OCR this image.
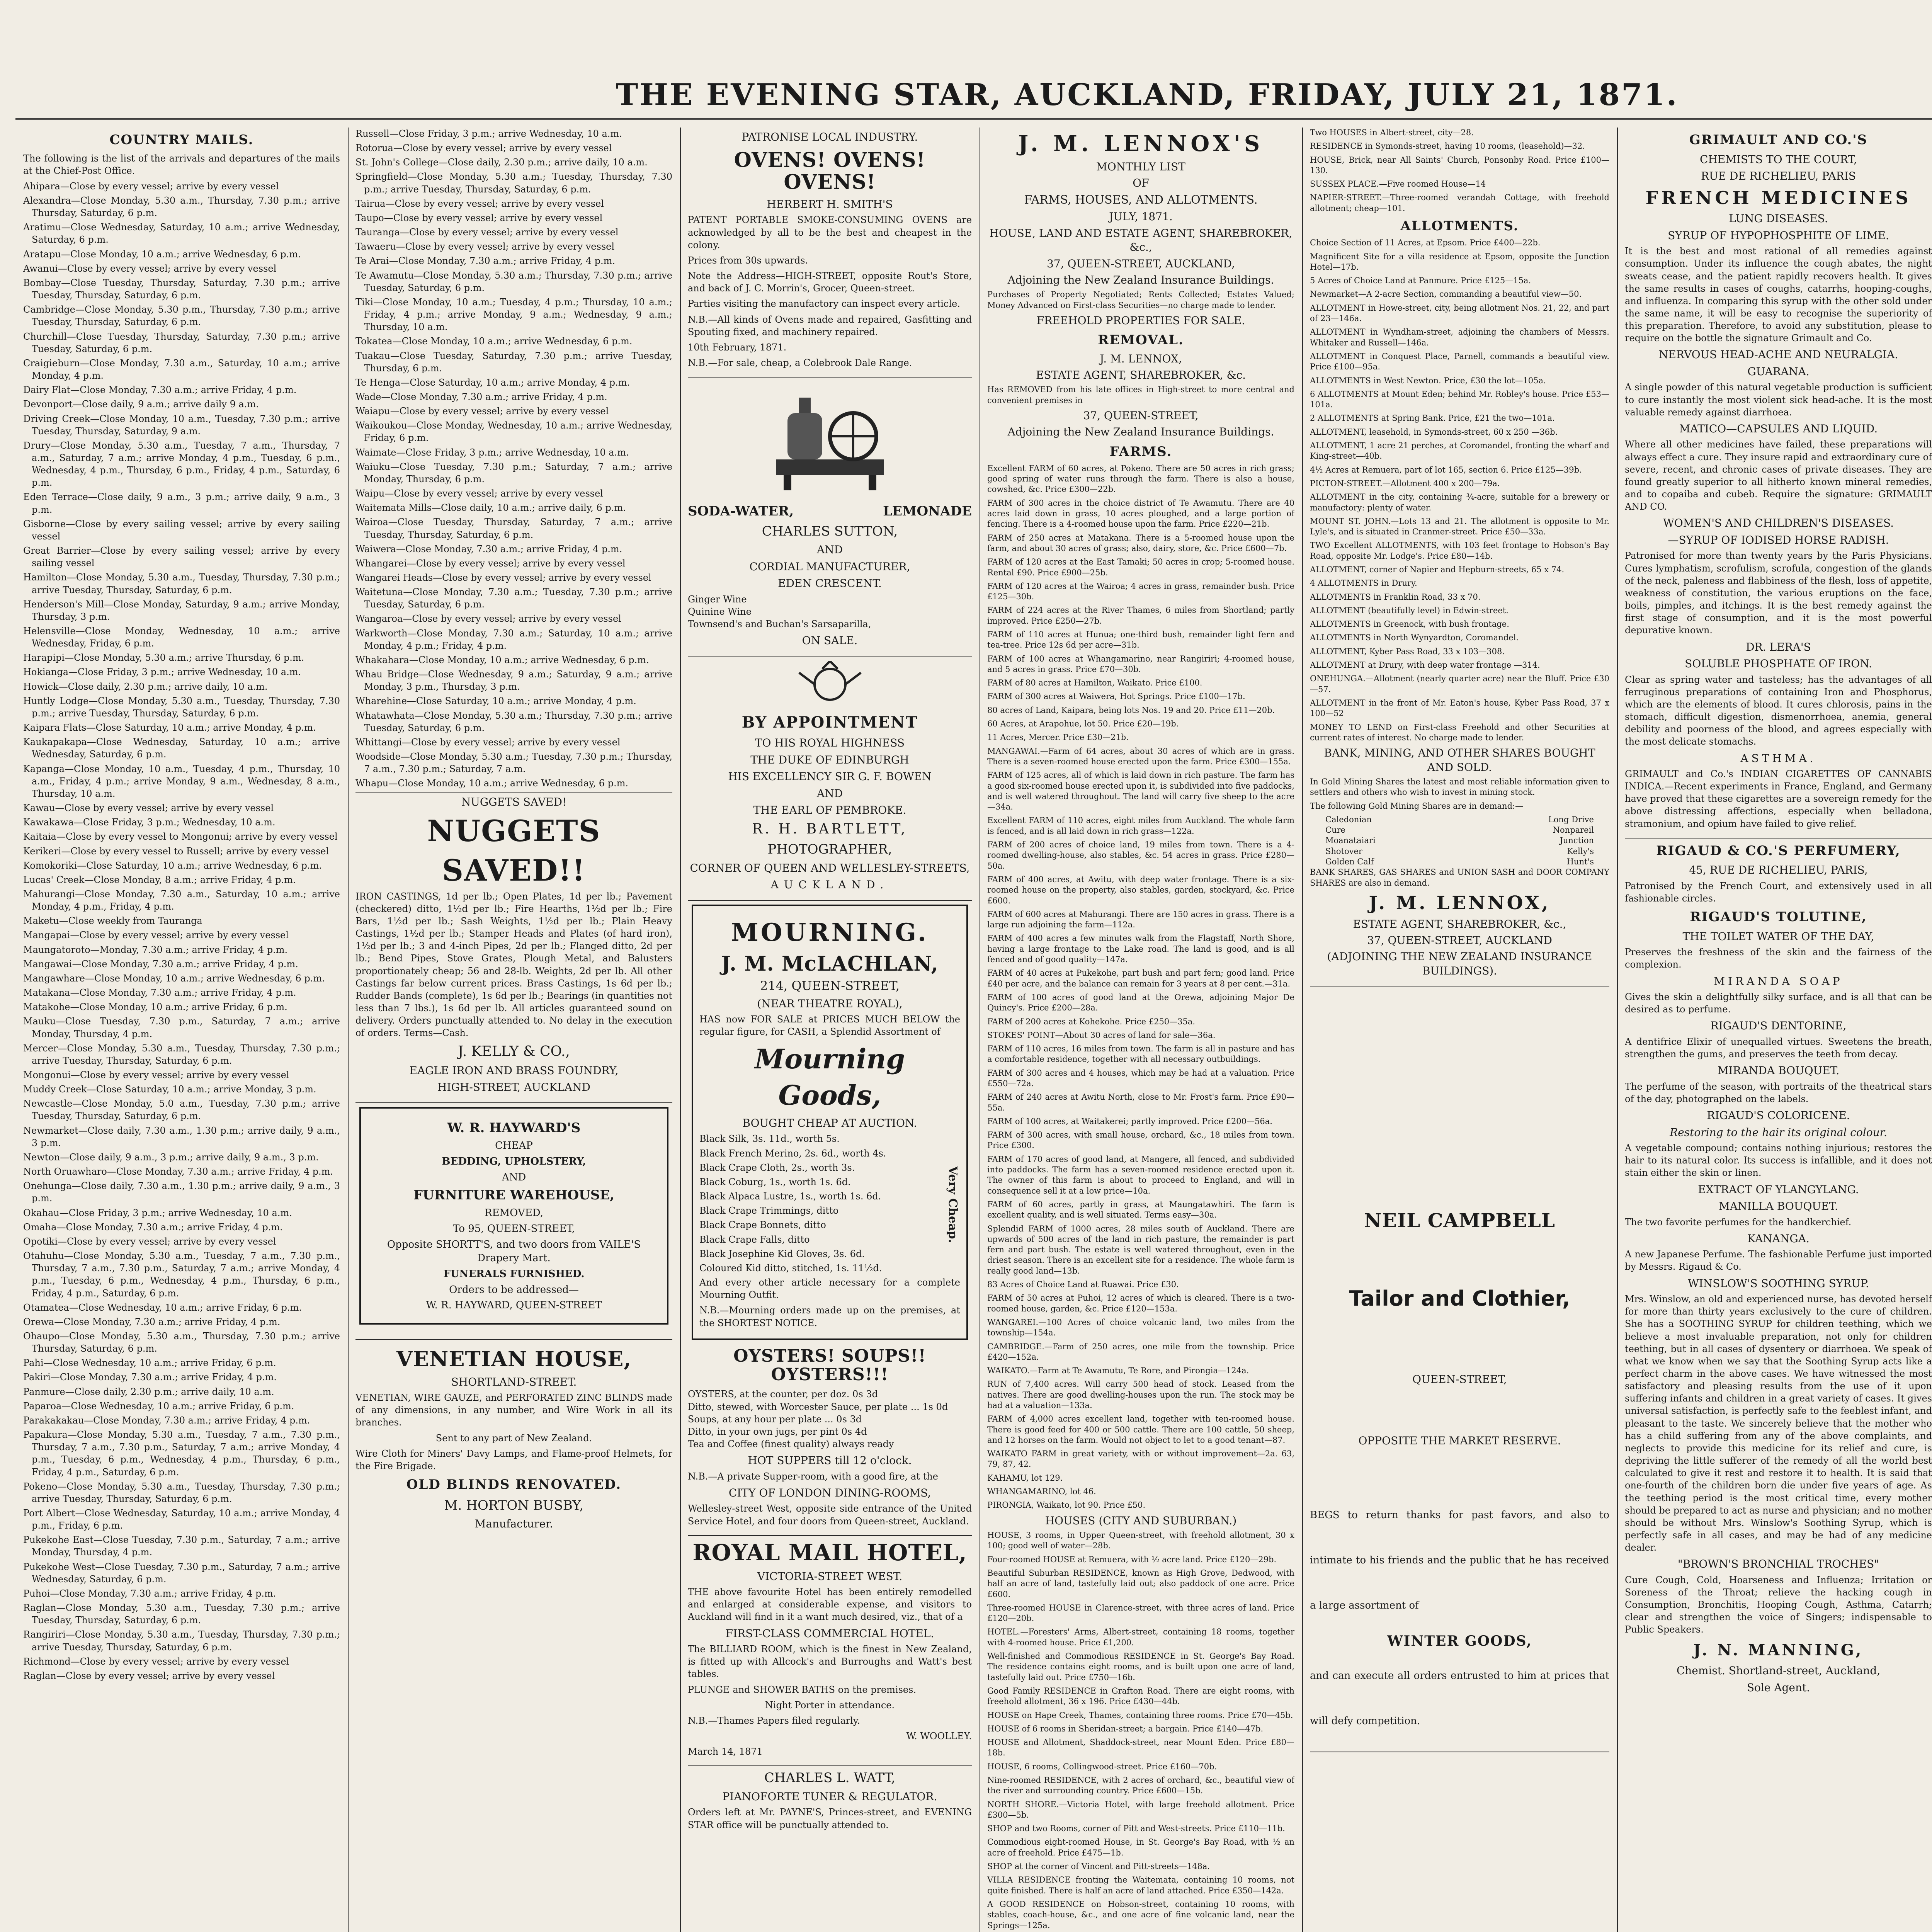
THE EVENING STAR, AUCKLAND, FRIDAY, JULY 21, 1871.
COUNTRY MAILS.

The following is the list of the arrivals and departures of the mails at the Chief-Post Office.

Ahipara—Close by every vessel; arrive by every vessel
Alexandra—Close Monday, 5.30 a.m., Thursday, 7.30 p.m.; arrive Thursday, Saturday, 6 p.m.
Aratimu—Close Wednesday, Saturday, 10 a.m.; arrive Wednesday, Saturday, 6 p.m.
Aratapu—Close Monday, 10 a.m.; arrive Wednesday, 6 p.m.
Awanui—Close by every vessel; arrive by every vessel
Bombay—Close Tuesday, Thursday, Saturday, 7.30 p.m.; arrive Tuesday, Thursday, Saturday, 6 p.m.
Cambridge—Close Monday, 5.30 p.m., Thursday, 7.30 p.m.; arrive Tuesday, Thursday, Saturday, 6 p.m.
Churchill—Close Tuesday, Thursday, Saturday, 7.30 p.m.; arrive Tuesday, Saturday, 6 p.m.
Craigieburn—Close Monday, 7.30 a.m., Saturday, 10 a.m.; arrive Monday, 4 p.m.
Dairy Flat—Close Monday, 7.30 a.m.; arrive Friday, 4 p.m.
Devonport—Close daily, 9 a.m.; arrive daily 9 a.m.
Driving Creek—Close Monday, 10 a.m., Tuesday, 7.30 p.m.; arrive Tuesday, Thursday, Saturday, 9 a.m.
Drury—Close Monday, 5.30 a.m., Tuesday, 7 a.m., Thursday, 7 a.m., Saturday, 7 a.m.; arrive Monday, 4 p.m., Tuesday, 6 p.m., Wednesday, 4 p.m., Thursday, 6 p.m., Friday, 4 p.m., Saturday, 6 p.m.
Eden Terrace—Close daily, 9 a.m., 3 p.m.; arrive daily, 9 a.m., 3 p.m.
Gisborne—Close by every sailing vessel; arrive by every sailing vessel
Great Barrier—Close by every sailing vessel; arrive by every sailing vessel
Hamilton—Close Monday, 5.30 a.m., Tuesday, Thursday, 7.30 p.m.; arrive Tuesday, Thursday, Saturday, 6 p.m.
Henderson's Mill—Close Monday, Saturday, 9 a.m.; arrive Monday, Thursday, 3 p.m.
Helensville—Close Monday, Wednesday, 10 a.m.; arrive Wednesday, Friday, 6 p.m.
Harapipi—Close Monday, 5.30 a.m.; arrive Thursday, 6 p.m.
Hokianga—Close Friday, 3 p.m.; arrive Wednesday, 10 a.m.
Howick—Close daily, 2.30 p.m.; arrive daily, 10 a.m.
Huntly Lodge—Close Monday, 5.30 a.m., Tuesday, Thursday, 7.30 p.m.; arrive Tuesday, Thursday, Saturday, 6 p.m.
Kaipara Flats—Close Saturday, 10 a.m.; arrive Monday, 4 p.m.
Kaukapakapa—Close Wednesday, Saturday, 10 a.m.; arrive Wednesday, Saturday, 6 p.m.
Kapanga—Close Monday, 10 a.m., Tuesday, 4 p.m., Thursday, 10 a.m., Friday, 4 p.m.; arrive Monday, 9 a.m., Wednesday, 8 a.m., Thursday, 10 a.m.
Kawau—Close by every vessel; arrive by every vessel
Kawakawa—Close Friday, 3 p.m.; Wednesday, 10 a.m.
Kaitaia—Close by every vessel to Mongonui; arrive by every vessel
Kerikeri—Close by every vessel to Russell; arrive by every vessel
Komokoriki—Close Saturday, 10 a.m.; arrive Wednesday, 6 p.m.
Lucas' Creek—Close Monday, 8 a.m.; arrive Friday, 4 p.m.
Mahurangi—Close Monday, 7.30 a.m., Saturday, 10 a.m.; arrive Monday, 4 p.m., Friday, 4 p.m.
Maketu—Close weekly from Tauranga
Mangapai—Close by every vessel; arrive by every vessel
Maungatoroto—Monday, 7.30 a.m.; arrive Friday, 4 p.m.
Mangawai—Close Monday, 7.30 a.m.; arrive Friday, 4 p.m.
Mangawhare—Close Monday, 10 a.m.; arrive Wednesday, 6 p.m.
Matakana—Close Monday, 7.30 a.m.; arrive Friday, 4 p.m.
Matakohe—Close Monday, 10 a.m.; arrive Friday, 6 p.m.
Mauku—Close Tuesday, 7.30 p.m., Saturday, 7 a.m.; arrive Monday, Thursday, 4 p.m.
Mercer—Close Monday, 5.30 a.m., Tuesday, Thursday, 7.30 p.m.; arrive Tuesday, Thursday, Saturday, 6 p.m.
Mongonui—Close by every vessel; arrive by every vessel
Muddy Creek—Close Saturday, 10 a.m.; arrive Monday, 3 p.m.
Newcastle—Close Monday, 5.0 a.m., Tuesday, 7.30 p.m.; arrive Tuesday, Thursday, Saturday, 6 p.m.
Newmarket—Close daily, 7.30 a.m., 1.30 p.m.; arrive daily, 9 a.m., 3 p.m.
Newton—Close daily, 9 a.m., 3 p.m.; arrive daily, 9 a.m., 3 p.m.
North Oruawharo—Close Monday, 7.30 a.m.; arrive Friday, 4 p.m.
Onehunga—Close daily, 7.30 a.m., 1.30 p.m.; arrive daily, 9 a.m., 3 p.m.
Okahau—Close Friday, 3 p.m.; arrive Wednesday, 10 a.m.
Omaha—Close Monday, 7.30 a.m.; arrive Friday, 4 p.m.
Opotiki—Close by every vessel; arrive by every vessel
Otahuhu—Close Monday, 5.30 a.m., Tuesday, 7 a.m., 7.30 p.m., Thursday, 7 a.m., 7.30 p.m., Saturday, 7 a.m.; arrive Monday, 4 p.m., Tuesday, 6 p.m., Wednesday, 4 p.m., Thursday, 6 p.m., Friday, 4 p.m., Saturday, 6 p.m.
Otamatea—Close Wednesday, 10 a.m.; arrive Friday, 6 p.m.
Orewa—Close Monday, 7.30 a.m.; arrive Friday, 4 p.m.
Ohaupo—Close Monday, 5.30 a.m., Thursday, 7.30 p.m.; arrive Thursday, Saturday, 6 p.m.
Pahi—Close Wednesday, 10 a.m.; arrive Friday, 6 p.m.
Pakiri—Close Monday, 7.30 a.m.; arrive Friday, 4 p.m.
Panmure—Close daily, 2.30 p.m.; arrive daily, 10 a.m.
Paparoa—Close Wednesday, 10 a.m.; arrive Friday, 6 p.m.
Parakakakau—Close Monday, 7.30 a.m.; arrive Friday, 4 p.m.
Papakura—Close Monday, 5.30 a.m., Tuesday, 7 a.m., 7.30 p.m., Thursday, 7 a.m., 7.30 p.m., Saturday, 7 a.m.; arrive Monday, 4 p.m., Tuesday, 6 p.m., Wednesday, 4 p.m., Thursday, 6 p.m., Friday, 4 p.m., Saturday, 6 p.m.
Pokeno—Close Monday, 5.30 a.m., Tuesday, Thursday, 7.30 p.m.; arrive Tuesday, Thursday, Saturday, 6 p.m.
Port Albert—Close Wednesday, Saturday, 10 a.m.; arrive Monday, 4 p.m., Friday, 6 p.m.
Pukekohe East—Close Tuesday, 7.30 p.m., Saturday, 7 a.m.; arrive Monday, Thursday, 4 p.m.
Pukekohe West—Close Tuesday, 7.30 p.m., Saturday, 7 a.m.; arrive Wednesday, Saturday, 6 p.m.
Puhoi—Close Monday, 7.30 a.m.; arrive Friday, 4 p.m.
Raglan—Close Monday, 5.30 a.m., Tuesday, 7.30 p.m.; arrive Tuesday, Thursday, Saturday, 6 p.m.
Rangiriri—Close Monday, 5.30 a.m., Tuesday, Thursday, 7.30 p.m.; arrive Tuesday, Thursday, Saturday, 6 p.m.
Richmond—Close by every vessel; arrive by every vessel
Raglan—Close by every vessel; arrive by every vessel
Russell—Close Friday, 3 p.m.; arrive Wednesday, 10 a.m.
Rotorua—Close by every vessel; arrive by every vessel
St. John's College—Close daily, 2.30 p.m.; arrive daily, 10 a.m.
Springfield—Close Monday, 5.30 a.m.; Tuesday, Thursday, 7.30 p.m.; arrive Tuesday, Thursday, Saturday, 6 p.m.
Tairua—Close by every vessel; arrive by every vessel
Taupo—Close by every vessel; arrive by every vessel
Tauranga—Close by every vessel; arrive by every vessel
Tawaeru—Close by every vessel; arrive by every vessel
Te Arai—Close Monday, 7.30 a.m.; arrive Friday, 4 p.m.
Te Awamutu—Close Monday, 5.30 a.m.; Thursday, 7.30 p.m.; arrive Tuesday, Saturday, 6 p.m.
Tiki—Close Monday, 10 a.m.; Tuesday, 4 p.m.; Thursday, 10 a.m.; Friday, 4 p.m.; arrive Monday, 9 a.m.; Wednesday, 9 a.m.; Thursday, 10 a.m.
Tokatea—Close Monday, 10 a.m.; arrive Wednesday, 6 p.m.
Tuakau—Close Tuesday, Saturday, 7.30 p.m.; arrive Tuesday, Thursday, 6 p.m.
Te Henga—Close Saturday, 10 a.m.; arrive Monday, 4 p.m.
Wade—Close Monday, 7.30 a.m.; arrive Friday, 4 p.m.
Waiapu—Close by every vessel; arrive by every vessel
Waikoukou—Close Monday, Wednesday, 10 a.m.; arrive Wednesday, Friday, 6 p.m.
Waimate—Close Friday, 3 p.m.; arrive Wednesday, 10 a.m.
Waiuku—Close Tuesday, 7.30 p.m.; Saturday, 7 a.m.; arrive Monday, Thursday, 6 p.m.
Waipu—Close by every vessel; arrive by every vessel
Waitemata Mills—Close daily, 10 a.m.; arrive daily, 6 p.m.
Wairoa—Close Tuesday, Thursday, Saturday, 7 a.m.; arrive Tuesday, Thursday, Saturday, 6 p.m.
Waiwera—Close Monday, 7.30 a.m.; arrive Friday, 4 p.m.
Whangarei—Close by every vessel; arrive by every vessel
Wangarei Heads—Close by every vessel; arrive by every vessel
Waitetuna—Close Monday, 7.30 a.m.; Tuesday, 7.30 p.m.; arrive Tuesday, Saturday, 6 p.m.
Wangaroa—Close by every vessel; arrive by every vessel
Warkworth—Close Monday, 7.30 a.m.; Saturday, 10 a.m.; arrive Monday, 4 p.m.; Friday, 4 p.m.
Whakahara—Close Monday, 10 a.m.; arrive Wednesday, 6 p.m.
Whau Bridge—Close Wednesday, 9 a.m.; Saturday, 9 a.m.; arrive Monday, 3 p.m., Thursday, 3 p.m.
Wharehine—Close Saturday, 10 a.m.; arrive Monday, 4 p.m.
Whatawhata—Close Monday, 5.30 a.m.; Thursday, 7.30 p.m.; arrive Tuesday, Saturday, 6 p.m.
Whittangi—Close by every vessel; arrive by every vessel
Woodside—Close Monday, 5.30 a.m.; Tuesday, 7.30 p.m.; Thursday, 7 a.m., 7.30 p.m.; Saturday, 7 a.m.
Whapu—Close Monday, 10 a.m.; arrive Wednesday, 6 p.m.
NUGGETS SAVED!
NUGGETS SAVED!!

IRON CASTINGS, 1d per lb.; Open Plates, 1d per lb.; Pavement (checkered) ditto, 1½d per lb.; Fire Hearths, 1½d per lb.; Fire Bars, 1½d per lb.; Sash Weights, 1½d per lb.; Plain Heavy Castings, 1½d per lb.; Stamper Heads and Plates (of hard iron), 1½d per lb.; 3 and 4-inch Pipes, 2d per lb.; Flanged ditto, 2d per lb.; Bend Pipes, Stove Grates, Plough Metal, and Balusters proportionately cheap; 56 and 28-lb. Weights, 2d per lb. All other Castings far below current prices. Brass Castings, 1s 6d per lb.; Rudder Bands (complete), 1s 6d per lb.; Bearings (in quantities not less than 7 lbs.), 1s 6d per lb. All articles guaranteed sound on delivery. Orders punctually attended to. No delay in the execution of orders. Terms—Cash.

J. KELLY & CO.,
EAGLE IRON AND BRASS FOUNDRY,
HIGH-STREET, AUCKLAND
W. R. HAYWARD'S
CHEAP
BEDDING, UPHOLSTERY,
AND
FURNITURE WAREHOUSE,
REMOVED,
To 95, QUEEN-STREET,
Opposite SHORTT'S, and two doors from VAILE'S Drapery Mart.
FUNERALS FURNISHED.
Orders to be addressed—
W. R. HAYWARD, QUEEN-STREET
VENETIAN HOUSE,
SHORTLAND-STREET.

VENETIAN, WIRE GAUZE, and PERFORATED ZINC BLINDS made of any dimensions, in any number, and Wire Work in all its branches.

Sent to any part of New Zealand.

Wire Cloth for Miners' Davy Lamps, and Flame-proof Helmets, for the Fire Brigade.

OLD BLINDS RENOVATED.
M. HORTON BUSBY,
Manufacturer.
PATRONISE LOCAL INDUSTRY.
OVENS! OVENS! OVENS!
HERBERT H. SMITH'S

PATENT PORTABLE SMOKE-CONSUMING OVENS are acknowledged by all to be the best and cheapest in the colony.

Prices from 30s upwards.

Note the Address—HIGH-STREET, opposite Rout's Store, and back of J. C. Morrin's, Grocer, Queen-street.

Parties visiting the manufactory can inspect every article.

N.B.—All kinds of Ovens made and repaired, Gasfitting and Spouting fixed, and machinery repaired.

10th February, 1871.

N.B.—For sale, cheap, a Colebrook Dale Range.

SODA-WATER,	LEMONADE
CHARLES SUTTON,
AND
CORDIAL MANUFACTURER,
EDEN CRESCENT.

Ginger Wine
Quinine Wine
Townsend's and Buchan's Sarsaparilla,

ON SALE.
BY APPOINTMENT
TO HIS ROYAL HIGHNESS
THE DUKE OF EDINBURGH
HIS EXCELLENCY SIR G. F. BOWEN
AND
THE EARL OF PEMBROKE.
R. H. BARTLETT,
PHOTOGRAPHER,
CORNER OF QUEEN AND WELLESLEY-STREETS,
AUCKLAND.
MOURNING.
J. M. McLACHLAN,
214, QUEEN-STREET,
(NEAR THEATRE ROYAL),

HAS now FOR SALE at PRICES MUCH BELOW the regular figure, for CASH, a Splendid Assortment of

Mourning Goods,
BOUGHT CHEAP AT AUCTION.
Black Silk, 3s. 11d., worth 5s.
Black French Merino, 2s. 6d., worth 4s.
Black Crape Cloth, 2s., worth 3s.
Black Coburg, 1s., worth 1s. 6d.
Black Alpaca Lustre, 1s., worth 1s. 6d.
Black Crape Trimmings, ditto
Black Crape Bonnets, ditto
Black Crape Falls, ditto
Black Josephine Kid Gloves, 3s. 6d.
Coloured Kid ditto, stitched, 1s. 11½d.
Very Cheap.

And every other article necessary for a complete Mourning Outfit.

N.B.—Mourning orders made up on the premises, at the SHORTEST NOTICE.

OYSTERS! SOUPS!! OYSTERS!!!

OYSTERS, at the counter, per doz. 0s 3d
Ditto, stewed, with Worcester Sauce, per plate ... 1s 0d
Soups, at any hour per plate ... 0s 3d
Ditto, in your own jugs, per pint 0s 4d
Tea and Coffee (finest quality) always ready

HOT SUPPERS till 12 o'clock.

N.B.—A private Supper-room, with a good fire, at the

CITY OF LONDON DINING-ROOMS,

Wellesley-street West, opposite side entrance of the United Service Hotel, and four doors from Queen-street, Auckland.

ROYAL MAIL HOTEL,
VICTORIA-STREET WEST.

THE above favourite Hotel has been entirely remodelled and enlarged at considerable expense, and visitors to Auckland will find in it a want much desired, viz., that of a

FIRST-CLASS COMMERCIAL HOTEL.

The BILLIARD ROOM, which is the finest in New Zealand, is fitted up with Allcock's and Burroughs and Watt's best tables.

PLUNGE and SHOWER BATHS on the premises.

Night Porter in attendance.

N.B.—Thames Papers filed regularly.

W. WOOLLEY.

March 14, 1871

CHARLES L. WATT,
PIANOFORTE TUNER & REGULATOR.

Orders left at Mr. PAYNE'S, Princes-street, and EVENING STAR office will be punctually attended to.

J. M. LENNOX'S
MONTHLY LIST
OF
FARMS, HOUSES, AND ALLOTMENTS.
JULY, 1871.
HOUSE, LAND AND ESTATE AGENT, SHAREBROKER, &c.,
37, QUEEN-STREET, AUCKLAND,
Adjoining the New Zealand Insurance Buildings.

Purchases of Property Negotiated; Rents Collected; Estates Valued; Money Advanced on First-class Securities—no charge made to lender.

FREEHOLD PROPERTIES FOR SALE.
REMOVAL.
J. M. LENNOX,
ESTATE AGENT, SHAREBROKER, &c.

Has REMOVED from his late offices in High-street to more central and convenient premises in

37, QUEEN-STREET,
Adjoining the New Zealand Insurance Buildings.
FARMS.

Excellent FARM of 60 acres, at Pokeno. There are 50 acres in rich grass; good spring of water runs through the farm. There is also a house, cowshed, &c. Price £300—22b.

FARM of 300 acres in the choice district of Te Awamutu. There are 40 acres laid down in grass, 10 acres ploughed, and a large portion of fencing. There is a 4-roomed house upon the farm. Price £220—21b.

FARM of 250 acres at Matakana. There is a 5-roomed house upon the farm, and about 30 acres of grass; also, dairy, store, &c. Price £600—7b.

FARM of 120 acres at the East Tamaki; 50 acres in crop; 5-roomed house. Rental £90. Price £900—25b.

FARM of 120 acres at the Wairoa; 4 acres in grass, remainder bush. Price £125—30b.

FARM of 224 acres at the River Thames, 6 miles from Shortland; partly improved. Price £250—27b.

FARM of 110 acres at Hunua; one-third bush, remainder light fern and tea-tree. Price 12s 6d per acre—31b.

FARM of 100 acres at Whangamarino, near Rangiriri; 4-roomed house, and 5 acres in grass. Price £70—30b.

FARM of 80 acres at Hamilton, Waikato. Price £100.

FARM of 300 acres at Waiwera, Hot Springs. Price £100—17b.

80 acres of Land, Kaipara, being lots Nos. 19 and 20. Price £11—20b.

60 Acres, at Arapohue, lot 50. Price £20—19b.

11 Acres, Mercer. Price £30—21b.

MANGAWAI.—Farm of 64 acres, about 30 acres of which are in grass. There is a seven-roomed house erected upon the farm. Price £300—155a.

FARM of 125 acres, all of which is laid down in rich pasture. The farm has a good six-roomed house erected upon it, is subdivided into five paddocks, and is well watered throughout. The land will carry five sheep to the acre—34a.

Excellent FARM of 110 acres, eight miles from Auckland. The whole farm is fenced, and is all laid down in rich grass—122a.

FARM of 200 acres of choice land, 19 miles from town. There is a 4-roomed dwelling-house, also stables, &c. 54 acres in grass. Price £280—50a.

FARM of 400 acres, at Awitu, with deep water frontage. There is a six-roomed house on the property, also stables, garden, stockyard, &c. Price £600.

FARM of 600 acres at Mahurangi. There are 150 acres in grass. There is a large run adjoining the farm—112a.

FARM of 400 acres a few minutes walk from the Flagstaff, North Shore, having a large frontage to the Lake road. The land is good, and is all fenced and of good quality—147a.

FARM of 40 acres at Pukekohe, part bush and part fern; good land. Price £40 per acre, and the balance can remain for 3 years at 8 per cent.—31a.

FARM of 100 acres of good land at the Orewa, adjoining Major De Quincy's. Price £200—28a.

FARM of 200 acres at Kohekohe. Price £250—35a.

STOKES' POINT—About 30 acres of land for sale—36a.

FARM of 110 acres, 16 miles from town. The farm is all in pasture and has a comfortable residence, together with all necessary outbuildings.

FARM of 300 acres and 4 houses, which may be had at a valuation. Price £550—72a.

FARM of 240 acres at Awitu North, close to Mr. Frost's farm. Price £90—55a.

FARM of 100 acres, at Waitakerei; partly improved. Price £200—56a.

FARM of 300 acres, with small house, orchard, &c., 18 miles from town. Price £300.

FARM of 170 acres of good land, at Mangere, all fenced, and subdivided into paddocks. The farm has a seven-roomed residence erected upon it. The owner of this farm is about to proceed to England, and will in consequence sell it at a low price—10a.

FARM of 60 acres, partly in grass, at Maungatawhiri. The farm is excellent quality, and is well situated. Terms easy—30a.

Splendid FARM of 1000 acres, 28 miles south of Auckland. There are upwards of 500 acres of the land in rich pasture, the remainder is part fern and part bush. The estate is well watered throughout, even in the driest season. There is an excellent site for a residence. The whole farm is really good land—13b.

83 Acres of Choice Land at Ruawai. Price £30.

FARM of 50 acres at Puhoi, 12 acres of which is cleared. There is a two-roomed house, garden, &c. Price £120—153a.

WANGAREI.—100 Acres of choice volcanic land, two miles from the township—154a.

CAMBRIDGE.—Farm of 250 acres, one mile from the township. Price £420—152a.

WAIKATO.—Farm at Te Awamutu, Te Rore, and Pirongia—124a.

RUN of 7,400 acres. Will carry 500 head of stock. Leased from the natives. There are good dwelling-houses upon the run. The stock may be had at a valuation—133a.

FARM of 4,000 acres excellent land, together with ten-roomed house. There is good feed for 400 or 500 cattle. There are 100 cattle, 50 sheep, and 12 horses on the farm. Would not object to let to a good tenant—87.

WAIKATO FARM in great variety, with or without improvement—2a. 63, 79, 87, 42.

KAHAMU, lot 129.

WHANGAMARINO, lot 46.

PIRONGIA, Waikato, lot 90. Price £50.

HOUSES (CITY AND SUBURBAN.)

HOUSE, 3 rooms, in Upper Queen-street, with freehold allotment, 30 x 100; good well of water—28b.

Four-roomed HOUSE at Remuera, with ½ acre land. Price £120—29b.

Beautiful Suburban RESIDENCE, known as High Grove, Dedwood, with half an acre of land, tastefully laid out; also paddock of one acre. Price £600.

Three-roomed HOUSE in Clarence-street, with three acres of land. Price £120—20b.

HOTEL.—Foresters' Arms, Albert-street, containing 18 rooms, together with 4-roomed house. Price £1,200.

Well-finished and Commodious RESIDENCE in St. George's Bay Road. The residence contains eight rooms, and is built upon one acre of land, tastefully laid out. Price £750—16b.

Good Family RESIDENCE in Grafton Road. There are eight rooms, with freehold allotment, 36 x 196. Price £430—44b.

HOUSE on Hape Creek, Thames, containing three rooms. Price £70—45b.

HOUSE of 6 rooms in Sheridan-street; a bargain. Price £140—47b.

HOUSE and Allotment, Shaddock-street, near Mount Eden. Price £80—18b.

HOUSE, 6 rooms, Collingwood-street. Price £160—70b.

Nine-roomed RESIDENCE, with 2 acres of orchard, &c., beautiful view of the river and surrounding country. Price £600—15b.

NORTH SHORE.—Victoria Hotel, with large freehold allotment. Price £300—5b.

SHOP and two Rooms, corner of Pitt and West-streets. Price £110—11b.

Commodious eight-roomed House, in St. George's Bay Road, with ½ an acre of freehold. Price £475—1b.

SHOP at the corner of Vincent and Pitt-streets—148a.

VILLA RESIDENCE fronting the Waitemata, containing 10 rooms, not quite finished. There is half an acre of land attached. Price £350—142a.

A GOOD RESIDENCE on Hobson-street, containing 10 rooms, with stables, coach-house, &c., and one acre of fine volcanic land, near the Springs—125a.

Two HOUSES in Albert-street, city—28.

RESIDENCE in Symonds-street, having 10 rooms, (leasehold)—32.

HOUSE, Brick, near All Saints' Church, Ponsonby Road. Price £100—130.

SUSSEX PLACE.—Five roomed House—14

NAPIER-STREET.—Three-roomed verandah Cottage, with freehold allotment; cheap—101.

ALLOTMENTS.

Choice Section of 11 Acres, at Epsom. Price £400—22b.

Magnificent Site for a villa residence at Epsom, opposite the Junction Hotel—17b.

5 Acres of Choice Land at Panmure. Price £125—15a.

Newmarket—A 2-acre Section, commanding a beautiful view—50.

ALLOTMENT in Howe-street, city, being allotment Nos. 21, 22, and part of 23—146a.

ALLOTMENT in Wyndham-street, adjoining the chambers of Messrs. Whitaker and Russell—146a.

ALLOTMENT in Conquest Place, Parnell, commands a beautiful view. Price £100—95a.

ALLOTMENTS in West Newton. Price, £30 the lot—105a.

6 ALLOTMENTS at Mount Eden; behind Mr. Robley's house. Price £53—101a.

2 ALLOTMENTS at Spring Bank. Price, £21 the two—101a.

ALLOTMENT, leasehold, in Symonds-street, 60 x 250 —36b.

ALLOTMENT, 1 acre 21 perches, at Coromandel, fronting the wharf and King-street—40b.

4½ Acres at Remuera, part of lot 165, section 6. Price £125—39b.

PICTON-STREET.—Allotment 400 x 200—79a.

ALLOTMENT in the city, containing ¾-acre, suitable for a brewery or manufactory: plenty of water.

MOUNT ST. JOHN.—Lots 13 and 21. The allotment is opposite to Mr. Lyle's, and is situated in Cranmer-street. Price £50—33a.

TWO Excellent ALLOTMENTS, with 103 feet frontage to Hobson's Bay Road, opposite Mr. Lodge's. Price £80—14b.

ALLOTMENT, corner of Napier and Hepburn-streets, 65 x 74.

4 ALLOTMENTS in Drury.

ALLOTMENTS in Franklin Road, 33 x 70.

ALLOTMENT (beautifully level) in Edwin-street.

ALLOTMENTS in Greenock, with bush frontage.

ALLOTMENTS in North Wynyardton, Coromandel.

ALLOTMENT, Kyber Pass Road, 33 x 103—308.

ALLOTMENT at Drury, with deep water frontage —314.

ONEHUNGA.—Allotment (nearly quarter acre) near the Bluff. Price £30—57.

ALLOTMENT in the front of Mr. Eaton's house, Kyber Pass Road, 37 x 100—52

MONEY TO LEND on First-class Freehold and other Securities at current rates of interest. No charge made to lender.

BANK, MINING, AND OTHER SHARES BOUGHT AND SOLD.

In Gold Mining Shares the latest and most reliable information given to settlers and others who wish to invest in mining stock.

The following Gold Mining Shares are in demand:—

Caledonian	Long Drive
Cure	Nonpareil
Moanataiari	Junction
Shotover	Kelly's
Golden Calf	Hunt's

BANK SHARES, GAS SHARES and UNION SASH and DOOR COMPANY SHARES are also in demand.

J. M. LENNOX,
ESTATE AGENT, SHAREBROKER, &c.,
37, QUEEN-STREET, AUCKLAND
(ADJOINING THE NEW ZEALAND INSURANCE BUILDINGS).
NEIL CAMPBELL
Tailor and Clothier,
QUEEN-STREET,
OPPOSITE THE MARKET RESERVE.

BEGS to return thanks for past favors, and also to intimate to his friends and the public that he has received a large assortment of

WINTER GOODS,

and can execute all orders entrusted to him at prices that will defy competition.

GRIMAULT AND CO.'S
CHEMISTS TO THE COURT,
RUE DE RICHELIEU, PARIS
FRENCH MEDICINES
LUNG DISEASES.
SYRUP OF HYPOPHOSPHITE OF LIME.

It is the best and most rational of all remedies against consumption. Under its influence the cough abates, the night sweats cease, and the patient rapidly recovers health. It gives the same results in cases of coughs, catarrhs, hooping-coughs, and influenza. In comparing this syrup with the other sold under the same name, it will be easy to recognise the superiority of this preparation. Therefore, to avoid any substitution, please to require on the bottle the signature Grimault and Co.

NERVOUS HEAD-ACHE AND NEURALGIA.
GUARANA.

A single powder of this natural vegetable production is sufficient to cure instantly the most violent sick head-ache. It is the most valuable remedy against diarrhoea.

MATICO—CAPSULES AND LIQUID.

Where all other medicines have failed, these preparations will always effect a cure. They insure rapid and extraordinary cure of severe, recent, and chronic cases of private diseases. They are found greatly superior to all hitherto known mineral remedies, and to copaiba and cubeb. Require the signature: GRIMAULT AND CO.

WOMEN'S AND CHILDREN'S DISEASES.
—SYRUP OF IODISED HORSE RADISH.

Patronised for more than twenty years by the Paris Physicians. Cures lymphatism, scrofulism, scrofula, congestion of the glands of the neck, paleness and flabbiness of the flesh, loss of appetite, weakness of constitution, the various eruptions on the face, boils, pimples, and itchings. It is the best remedy against the first stage of consumption, and it is the most powerful depurative known.

DR. LERA'S
SOLUBLE PHOSPHATE OF IRON.

Clear as spring water and tasteless; has the advantages of all ferruginous preparations of containing Iron and Phosphorus, which are the elements of blood. It cures chlorosis, pains in the stomach, difficult digestion, dismenorrhoea, anemia, general debility and poorness of the blood, and agrees especially with the most delicate stomachs.

ASTHMA.

GRIMAULT and Co.'s INDIAN CIGARETTES OF CANNABIS INDICA.—Recent experiments in France, England, and Germany have proved that these cigarettes are a sovereign remedy for the above distressing affections, especially when belladona, stramonium, and opium have failed to give relief.

RIGAUD & CO.'S PERFUMERY,
45, RUE DE RICHELIEU, PARIS,

Patronised by the French Court, and extensively used in all fashionable circles.

RIGAUD'S TOLUTINE,
THE TOILET WATER OF THE DAY,

Preserves the freshness of the skin and the fairness of the complexion.

MIRANDA SOAP

Gives the skin a delightfully silky surface, and is all that can be desired as to perfume.

RIGAUD'S DENTORINE,

A dentifrice Elixir of unequalled virtues. Sweetens the breath, strengthen the gums, and preserves the teeth from decay.

MIRANDA BOUQUET.

The perfume of the season, with portraits of the theatrical stars of the day, photographed on the labels.

RIGAUD'S COLORICENE.
Restoring to the hair its original colour.

A vegetable compound; contains nothing injurious; restores the hair to its natural color. Its success is infallible, and it does not stain either the skin or linen.

EXTRACT OF YLANGYLANG.
MANILLA BOUQUET.

The two favorite perfumes for the handkerchief.

KANANGA.

A new Japanese Perfume. The fashionable Perfume just imported by Messrs. Rigaud & Co.

WINSLOW'S SOOTHING SYRUP.

Mrs. Winslow, an old and experienced nurse, has devoted herself for more than thirty years exclusively to the cure of children. She has a SOOTHING SYRUP for children teething, which we believe a most invaluable preparation, not only for children teething, but in all cases of dysentery or diarrhoea. We speak of what we know when we say that the Soothing Syrup acts like a perfect charm in the above cases. We have witnessed the most satisfactory and pleasing results from the use of it upon suffering infants and children in a great variety of cases. It gives universal satisfaction, is perfectly safe to the feeblest infant, and pleasant to the taste. We sincerely believe that the mother who has a child suffering from any of the above complaints, and neglects to provide this medicine for its relief and cure, is depriving the little sufferer of the remedy of all the world best calculated to give it rest and restore it to health. It is said that one-fourth of the children born die under five years of age. As the teething period is the most critical time, every mother should be prepared to act as nurse and physician; and no mother should be without Mrs. Winslow's Soothing Syrup, which is perfectly safe in all cases, and may be had of any medicine dealer.

"BROWN'S BRONCHIAL TROCHES"

Cure Cough, Cold, Hoarseness and Influenza; Irritation or Soreness of the Throat; relieve the hacking cough in Consumption, Bronchitis, Hooping Cough, Asthma, Catarrh; clear and strengthen the voice of Singers; indispensable to Public Speakers.

J. N. MANNING,
Chemist. Shortland-street, Auckland,
Sole Agent.
